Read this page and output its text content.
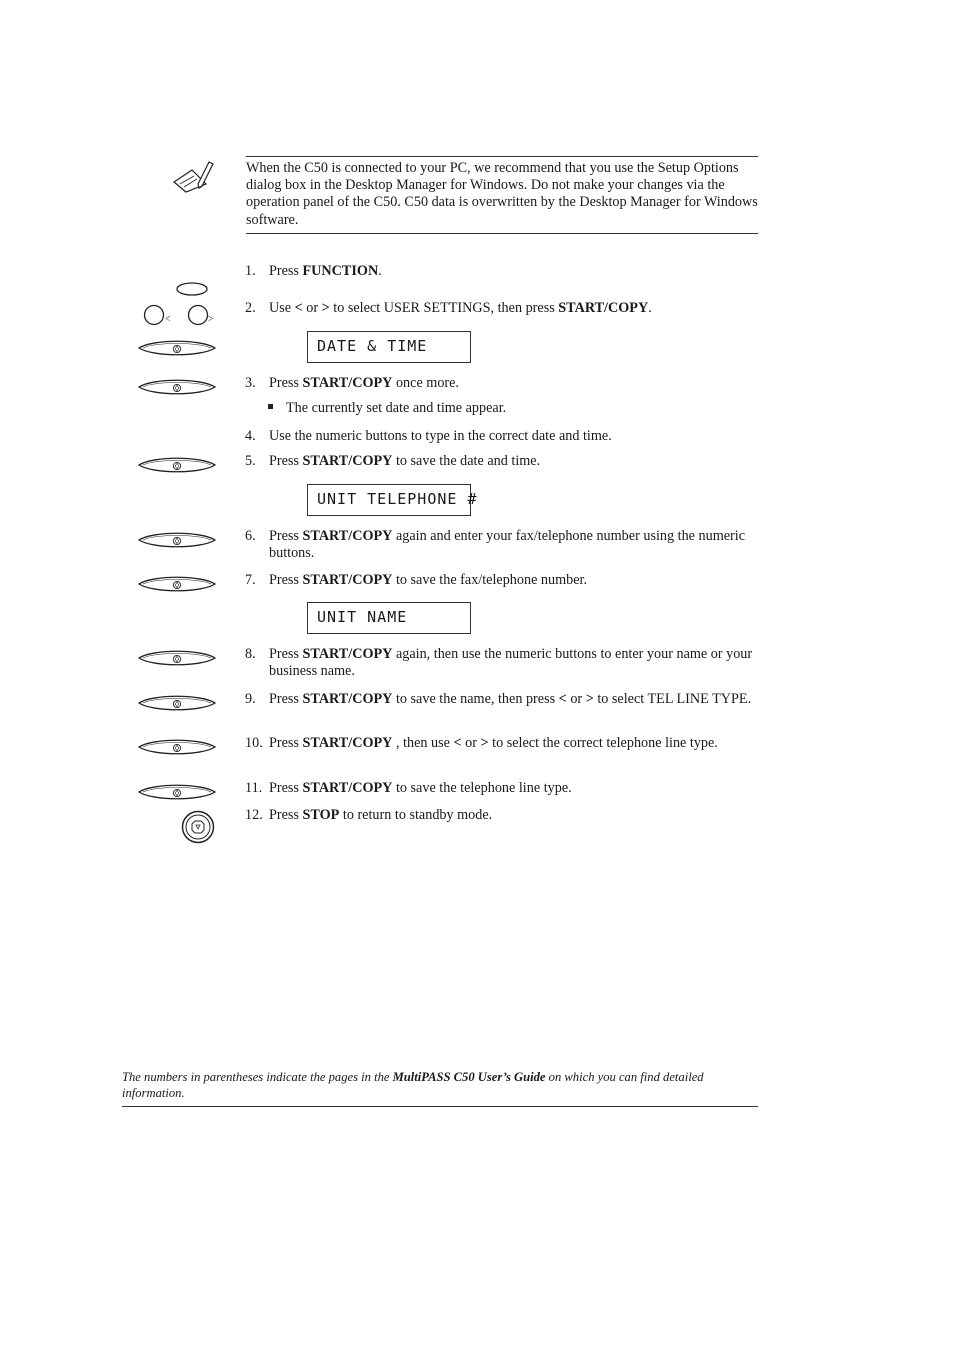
When the C50 is connected to your PC, we recommend that you use the Setup Options dialog box in the Desktop Manager for Windows. Do not make your changes via the operation panel of the C50. C50 data is overwritten by the Desktop Manager for Windows software.
1. Press FUNCTION.
<	>
2. Use < or > to select USER SETTINGS, then press START/COPY.
DATE & TIME
3. Press START/COPY once more.
The currently set date and time appear.
4. Use the numeric buttons to type in the correct date and time.
5. Press START/COPY to save the date and time.
UNIT TELEPHONE #
6. Press START/COPY again and enter your fax/telephone number using the numeric buttons.
7. Press START/COPY to save the fax/telephone number.
UNIT NAME
8. Press START/COPY again, then use the numeric buttons to enter your name or your business name.
9. Press START/COPY to save the name, then press < or > to select TEL LINE TYPE.
10. Press START/COPY , then use < or > to select the correct telephone line type.
11. Press START/COPY to save the telephone line type.
12. Press STOP to return to standby mode.
The numbers in parentheses indicate the pages in the MultiPASS C50 User’s Guide on which you can find detailed information.
